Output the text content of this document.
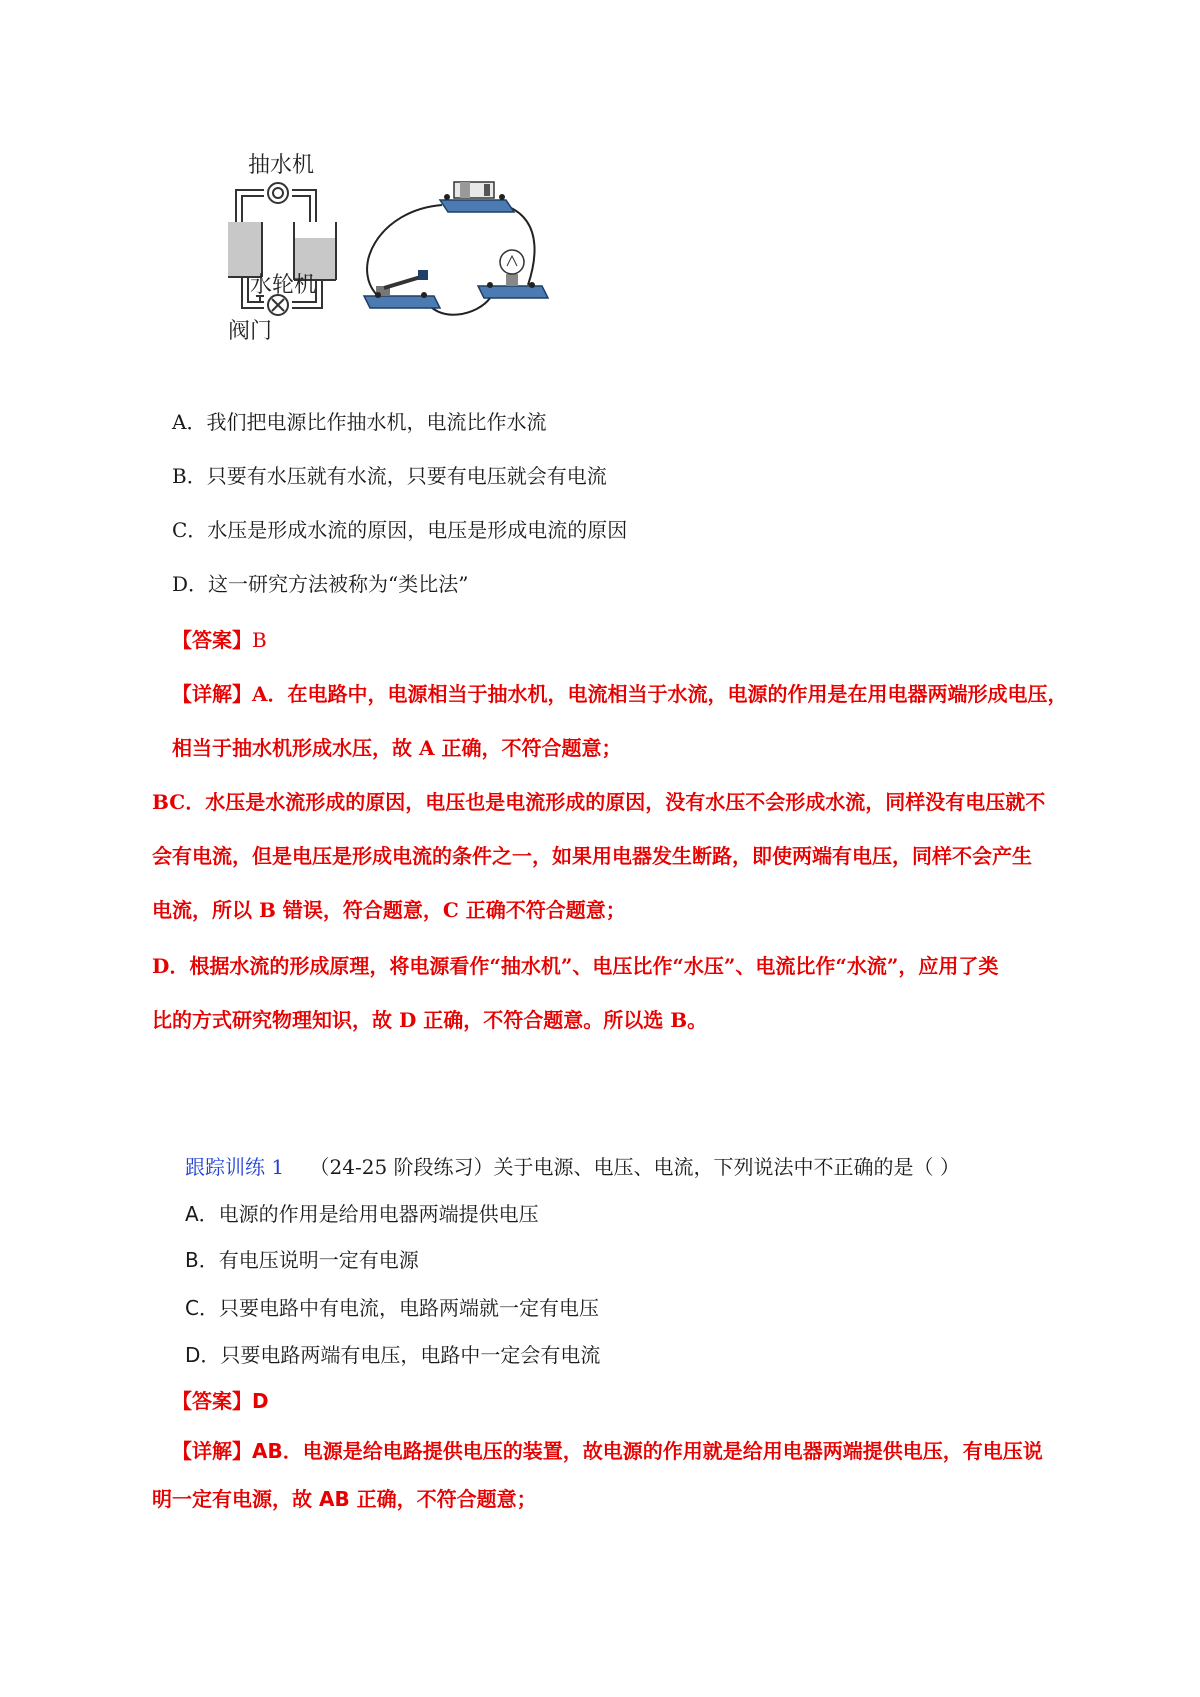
抽水机
水轮机
阀门
A．我们把电源比作抽水机，电流比作水流
B．只要有水压就有水流，只要有电压就会有电流
C．水压是形成水流的原因，电压是形成电流的原因
D．这一研究方法被称为“类比法”
【答案】B
【详解】A．在电路中，电源相当于抽水机，电流相当于水流，电源的作用是在用电器两端形成电压，
相当于抽水机形成水压，故 A 正确，不符合题意；
BC．水压是水流形成的原因，电压也是电流形成的原因，没有水压不会形成水流，同样没有电压就不
会有电流，但是电压是形成电流的条件之一，如果用电器发生断路，即使两端有电压，同样不会产生
电流，所以 B 错误，符合题意，C 正确不符合题意；
D．根据水流的形成原理，将电源看作“抽水机”、电压比作“水压”、电流比作“水流”，应用了类
比的方式研究物理知识，故 D 正确，不符合题意。所以选 B。
跟踪训练 1 （24-25 阶段练习）关于电源、电压、电流，下列说法中不正确的是（ ）
A．电源的作用是给用电器两端提供电压
B．有电压说明一定有电源
C．只要电路中有电流，电路两端就一定有电压
D．只要电路两端有电压，电路中一定会有电流
【答案】D
【详解】AB．电源是给电路提供电压的装置，故电源的作用就是给用电器两端提供电压，有电压说
明一定有电源，故 AB 正确，不符合题意；
